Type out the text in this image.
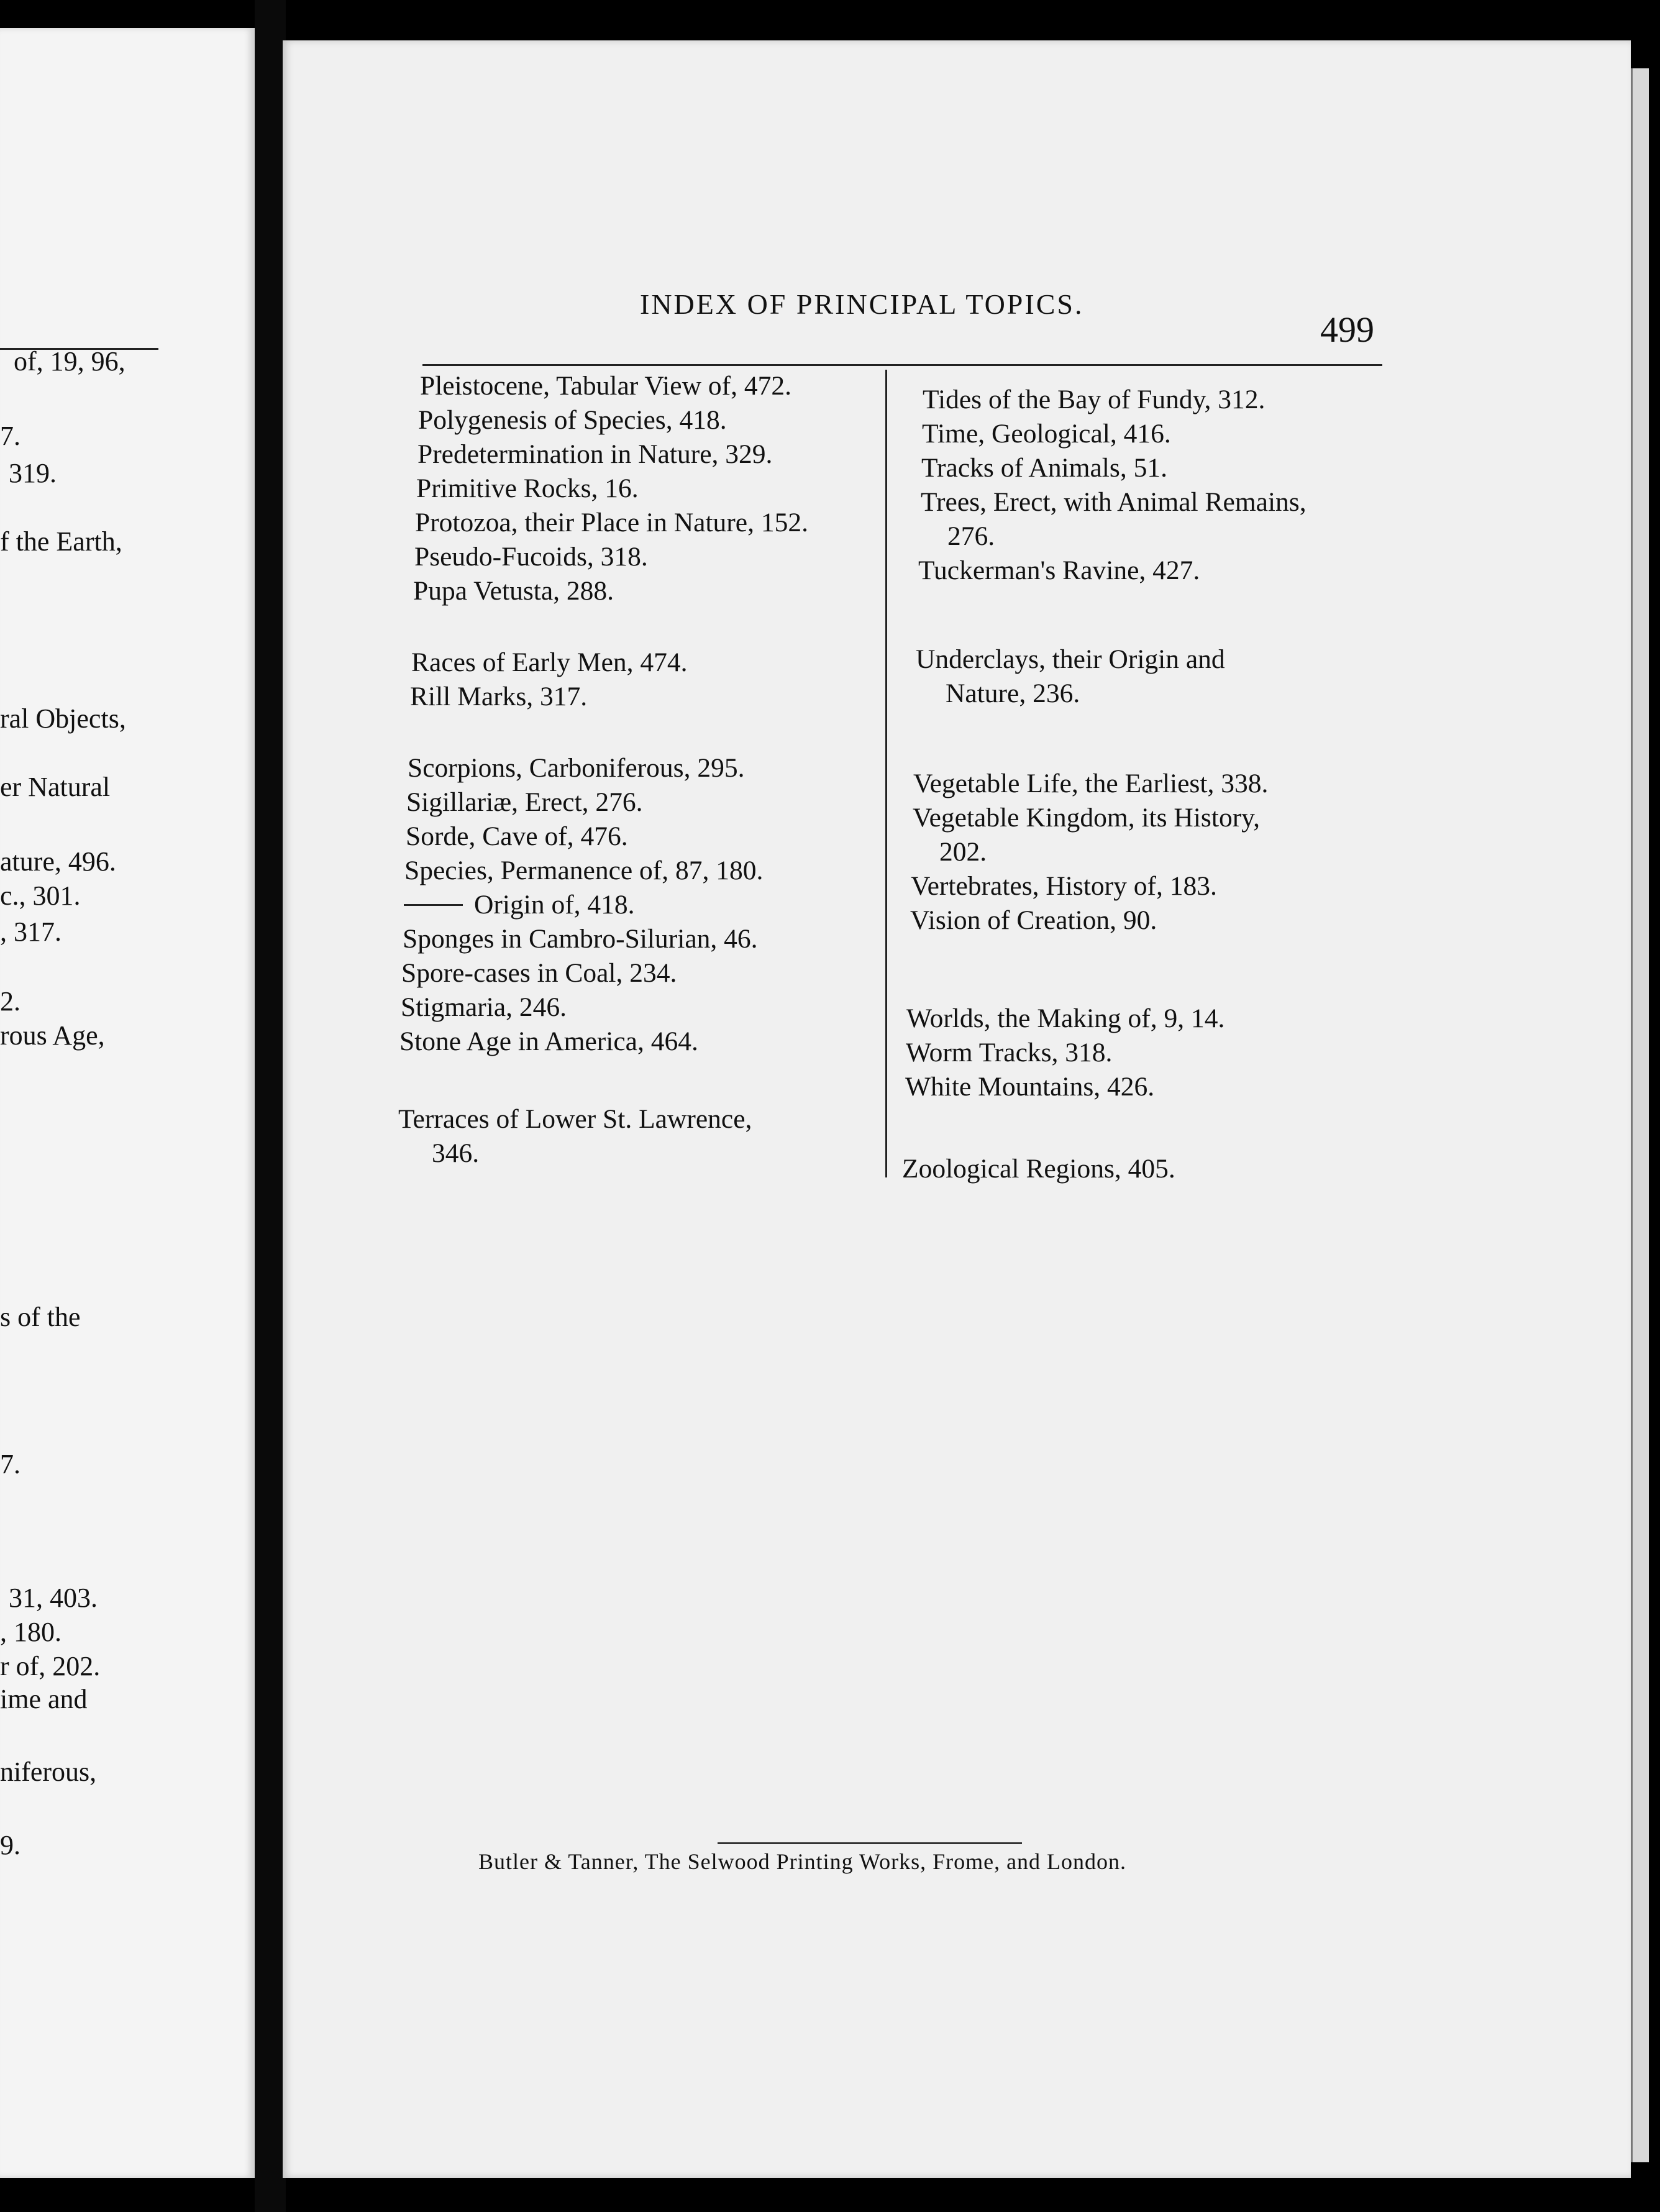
of, 19, 96,
7.
319.
f the Earth,
ral Objects,
er Natural
ature, 496.
c., 301.
, 317.
2.
rous Age,
s of the
7.
31, 403.
, 180.
r of, 202.
ime and
niferous,
9.
INDEX OF PRINCIPAL TOPICS.
499
Pleistocene, Tabular View of, 472.
Polygenesis of Species, 418.
Predetermination in Nature, 329.
Primitive Rocks, 16.
Protozoa, their Place in Nature, 152.
Pseudo-Fucoids, 318.
Pupa Vetusta, 288.
Races of Early Men, 474.
Rill Marks, 317.
Scorpions, Carboniferous, 295.
Sigillariæ, Erect, 276.
Sorde, Cave of, 476.
Species, Permanence of, 87, 180.
Origin of, 418.
Sponges in Cambro-Silurian, 46.
Spore-cases in Coal, 234.
Stigmaria, 246.
Stone Age in America, 464.
Terraces of Lower St. Lawrence,
346.
Tides of the Bay of Fundy, 312.
Time, Geological, 416.
Tracks of Animals, 51.
Trees, Erect, with Animal Remains,
276.
Tuckerman's Ravine, 427.
Underclays, their Origin and
Nature, 236.
Vegetable Life, the Earliest, 338.
Vegetable Kingdom, its History,
202.
Vertebrates, History of, 183.
Vision of Creation, 90.
Worlds, the Making of, 9, 14.
Worm Tracks, 318.
White Mountains, 426.
Zoological Regions, 405.
Butler & Tanner, The Selwood Printing Works, Frome, and London.
